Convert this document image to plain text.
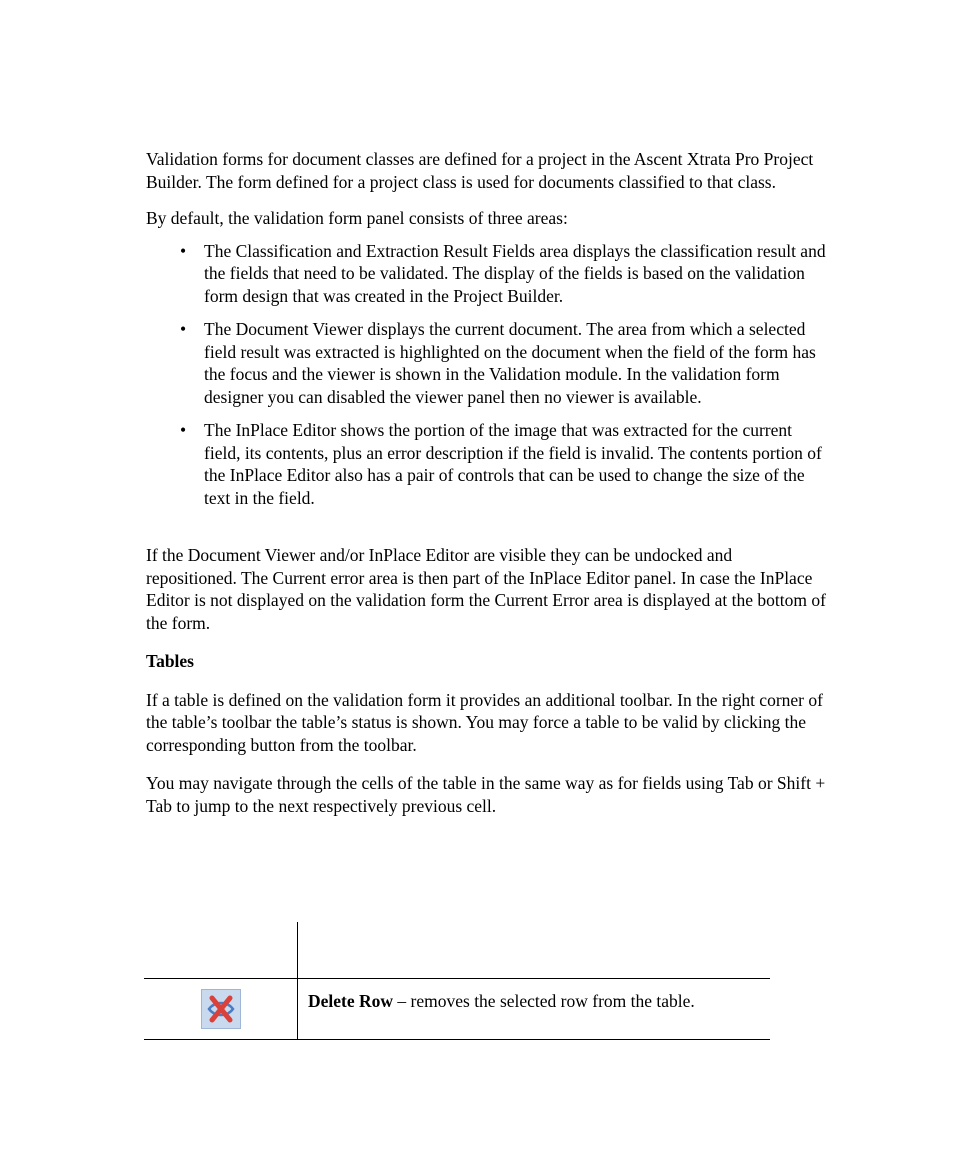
Validation forms for document classes are defined for a project in the Ascent Xtrata Pro Project Builder. The form defined for a project class is used for documents classified to that class.

By default, the validation form panel consists of three areas:

• The Classification and Extraction Result Fields area displays the classification result and the fields that need to be validated. The display of the fields is based on the validation form design that was created in the Project Builder.
• The Document Viewer displays the current document. The area from which a selected field result was extracted is highlighted on the document when the field of the form has the focus and the viewer is shown in the Validation module. In the validation form designer you can disabled the viewer panel then no viewer is available.
• The InPlace Editor shows the portion of the image that was extracted for the current field, its contents, plus an error description if the field is invalid. The contents portion of the InPlace Editor also has a pair of controls that can be used to change the size of the text in the field.

If the Document Viewer and/or InPlace Editor are visible they can be undocked and repositioned. The Current error area is then part of the InPlace Editor panel. In case the InPlace Editor is not displayed on the validation form the Current Error area is displayed at the bottom of the form.

Tables

If a table is defined on the validation form it provides an additional toolbar. In the right corner of the table’s toolbar the table’s status is shown. You may force a table to be valid by clicking the corresponding button from the toolbar.

You may navigate through the cells of the table in the same way as for fields using Tab or Shift + Tab to jump to the next respectively previous cell.

Delete Row – removes the selected row from the table.
